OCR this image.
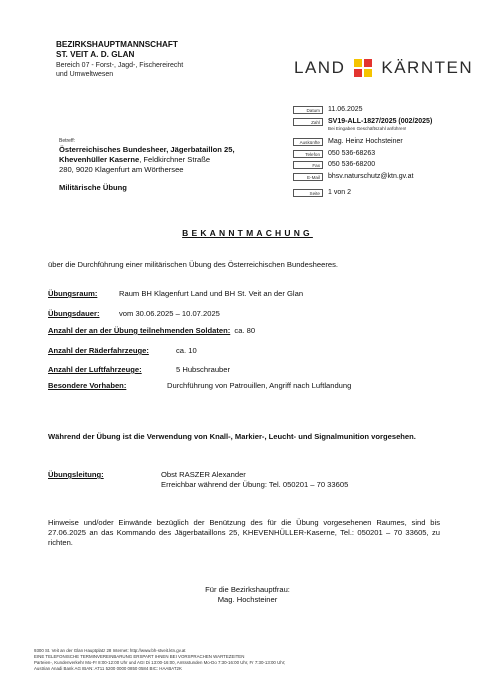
BEZIRKSHAUPTMANNSCHAFT
ST. VEIT A. D. GLAN
Bereich 07 - Forst-, Jagd-, Fischereirecht
und Umweltwesen	LAND KÄRNTEN
Datum	11.06.2025
Zahl	SV19-ALL-1827/2025 (002/2025)
Bei Eingaben Geschäftszahl anführen!
Auskünfte	Mag. Heinz Hochsteiner
Telefon	050 536-68263
Fax	050 536-68200
E-Mail	bhsv.naturschutz@ktn.gv.at
Seite	1 von 2
Betreff:
Österreichisches Bundesheer, Jägerbataillon 25,
Khevenhüller Kaserne, Feldkirchner Straße
280, 9020 Klagenfurt am Wörthersee
Militärische Übung
BEKANNTMACHUNG
über die Durchführung einer militärischen Übung des Österreichischen Bundesheeres.
Übungsraum:	Raum BH Klagenfurt Land und BH St. Veit an der Glan
Übungsdauer:	vom 30.06.2025 – 10.07.2025
Anzahl der an der Übung teilnehmenden Soldaten: ca. 80
Anzahl der Räderfahrzeuge:	ca. 10
Anzahl der Luftfahrzeuge:	5 Hubschrauber
Besondere Vorhaben:	Durchführung von Patrouillen, Angriff nach Luftlandung
Während der Übung ist die Verwendung von Knall-, Markier-, Leucht- und Signalmunition vorgesehen.
Übungsleitung:	Obst RASZER Alexander
Erreichbar während der Übung: Tel. 050201 – 70 33605
Hinweise und/oder Einwände bezüglich der Benützung des für die Übung vorgesehenen Raumes, sind bis 27.06.2025 an das Kommando des Jägerbataillons 25, KHEVENHÜLLER-Kaserne, Tel.: 050201 – 70 33605, zu richten.
Für die Bezirkshauptfrau:
Mag. Hochsteiner
9300 St. Veit an der Glan Hauptplatz 28 Internet: http://www.bh-stveit.ktn.gv.at
EINE TELEFONISCHE TERMINVEREINBARUNG ERSPART IHNEN BEI VORSPRACHEN WARTEZEITEN
Parteien-, Kundenverkehr Mo-Fr 8:00-12:00 Uhr und AGI Di 13:00-16:00, Amtsstunden Mo-Do 7:30-16:00 Uhr, Fr 7:30-13:00 Uhr;
Austrian Anadi Bank AG IBAN: AT11 5200 0000 0850 0584 BIC: HAABAT2K
